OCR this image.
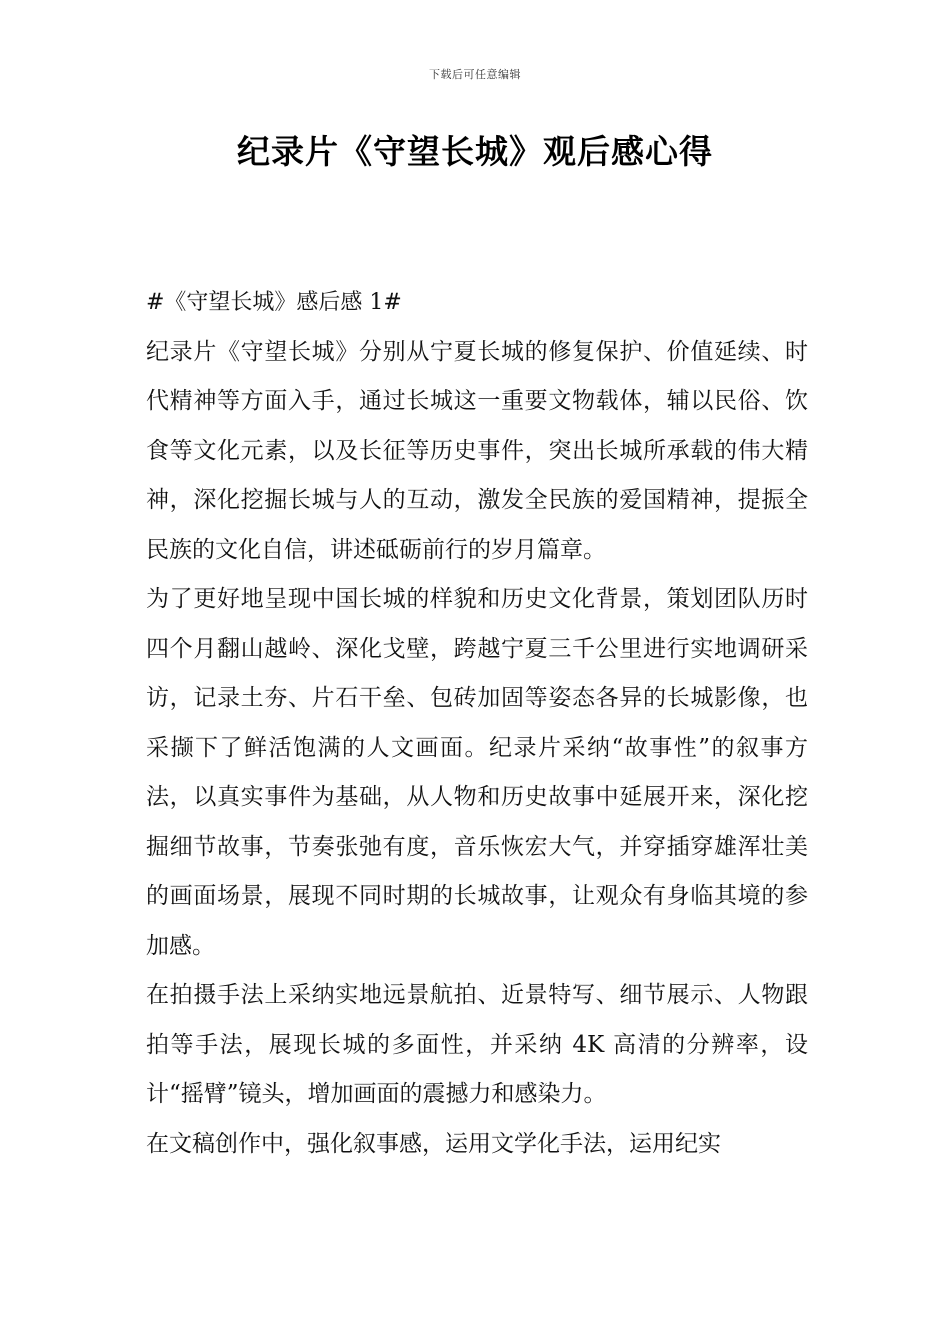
下载后可任意编辑
纪录片《守望长城》观后感心得

#《守望长城》感后感 1#

纪录片《守望长城》分别从宁夏长城的修复保护、价值延续、时代精神等方面入手，通过长城这一重要文物载体，辅以民俗、饮食等文化元素，以及长征等历史事件，突出长城所承载的伟大精神，深化挖掘长城与人的互动，激发全民族的爱国精神，提振全民族的文化自信，讲述砥砺前行的岁月篇章。

为了更好地呈现中国长城的样貌和历史文化背景，策划团队历时四个月翻山越岭、深化戈壁，跨越宁夏三千公里进行实地调研采访，记录土夯、片石干垒、包砖加固等姿态各异的长城影像，也采撷下了鲜活饱满的人文画面。纪录片采纳“故事性”的叙事方法，以真实事件为基础，从人物和历史故事中延展开来，深化挖掘细节故事，节奏张弛有度，音乐恢宏大气，并穿插穿雄浑壮美的画面场景，展现不同时期的长城故事，让观众有身临其境的参加感。

在拍摄手法上采纳实地远景航拍、近景特写、细节展示、人物跟拍等手法，展现长城的多面性，并采纳 4K 高清的分辨率，设计“摇臂”镜头，增加画面的震撼力和感染力。

在文稿创作中，强化叙事感，运用文学化手法，运用纪实
